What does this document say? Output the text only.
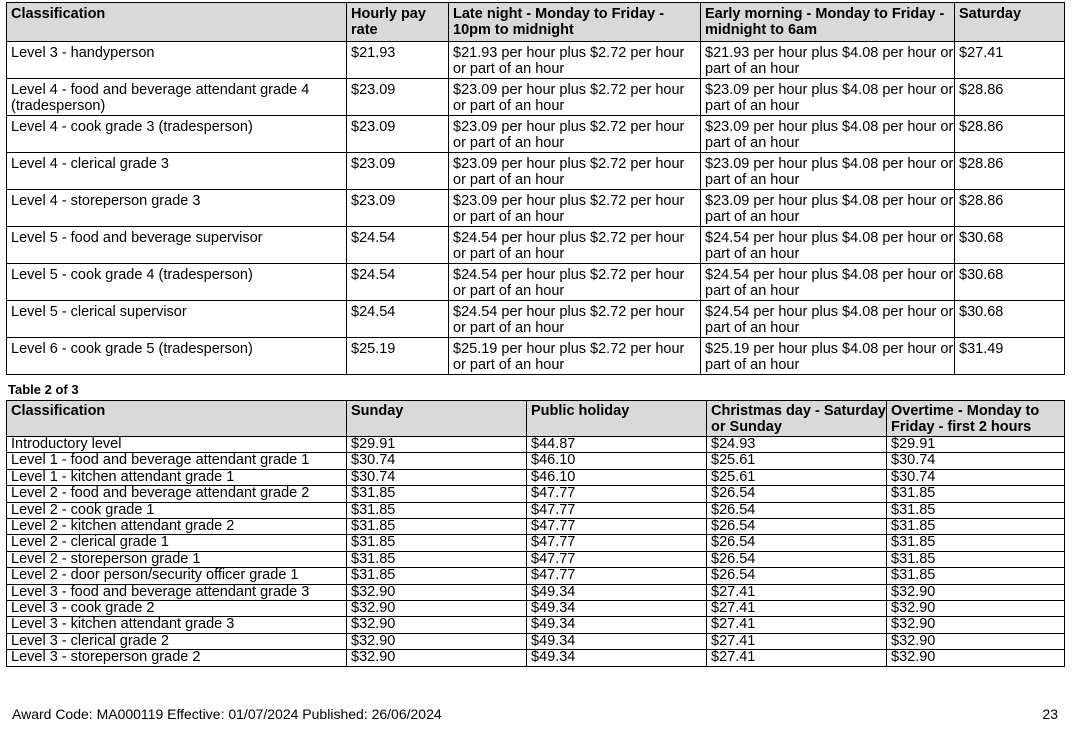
Classification	Hourly pay rate	Late night - Monday to Friday - 10pm to midnight	Early morning - Monday to Friday - midnight to 6am	Saturday
Level 3 - handyperson	$21.93	$21.93 per hour plus $2.72 per hour or part of an hour	$21.93 per hour plus $4.08 per hour or part of an hour	$27.41
Level 4 - food and beverage attendant grade 4 (tradesperson)	$23.09	$23.09 per hour plus $2.72 per hour or part of an hour	$23.09 per hour plus $4.08 per hour or part of an hour	$28.86
Level 4 - cook grade 3 (tradesperson)	$23.09	$23.09 per hour plus $2.72 per hour or part of an hour	$23.09 per hour plus $4.08 per hour or part of an hour	$28.86
Level 4 - clerical grade 3	$23.09	$23.09 per hour plus $2.72 per hour or part of an hour	$23.09 per hour plus $4.08 per hour or part of an hour	$28.86
Level 4 - storeperson grade 3	$23.09	$23.09 per hour plus $2.72 per hour or part of an hour	$23.09 per hour plus $4.08 per hour or part of an hour	$28.86
Level 5 - food and beverage supervisor	$24.54	$24.54 per hour plus $2.72 per hour or part of an hour	$24.54 per hour plus $4.08 per hour or part of an hour	$30.68
Level 5 - cook grade 4 (tradesperson)	$24.54	$24.54 per hour plus $2.72 per hour or part of an hour	$24.54 per hour plus $4.08 per hour or part of an hour	$30.68
Level 5 - clerical supervisor	$24.54	$24.54 per hour plus $2.72 per hour or part of an hour	$24.54 per hour plus $4.08 per hour or part of an hour	$30.68
Level 6 - cook grade 5 (tradesperson)	$25.19	$25.19 per hour plus $2.72 per hour or part of an hour	$25.19 per hour plus $4.08 per hour or part of an hour	$31.49
Table 2 of 3
Classification	Sunday	Public holiday	Christmas day - Saturday or Sunday	Overtime - Monday to Friday - first 2 hours
Introductory level	$29.91	$44.87	$24.93	$29.91
Level 1 - food and beverage attendant grade 1	$30.74	$46.10	$25.61	$30.74
Level 1 - kitchen attendant grade 1	$30.74	$46.10	$25.61	$30.74
Level 2 - food and beverage attendant grade 2	$31.85	$47.77	$26.54	$31.85
Level 2 - cook grade 1	$31.85	$47.77	$26.54	$31.85
Level 2 - kitchen attendant grade 2	$31.85	$47.77	$26.54	$31.85
Level 2 - clerical grade 1	$31.85	$47.77	$26.54	$31.85
Level 2 - storeperson grade 1	$31.85	$47.77	$26.54	$31.85
Level 2 - door person/security officer grade 1	$31.85	$47.77	$26.54	$31.85
Level 3 - food and beverage attendant grade 3	$32.90	$49.34	$27.41	$32.90
Level 3 - cook grade 2	$32.90	$49.34	$27.41	$32.90
Level 3 - kitchen attendant grade 3	$32.90	$49.34	$27.41	$32.90
Level 3 - clerical grade 2	$32.90	$49.34	$27.41	$32.90
Level 3 - storeperson grade 2	$32.90	$49.34	$27.41	$32.90
Award Code: MA000119 Effective: 01/07/2024 Published: 26/06/2024	23
